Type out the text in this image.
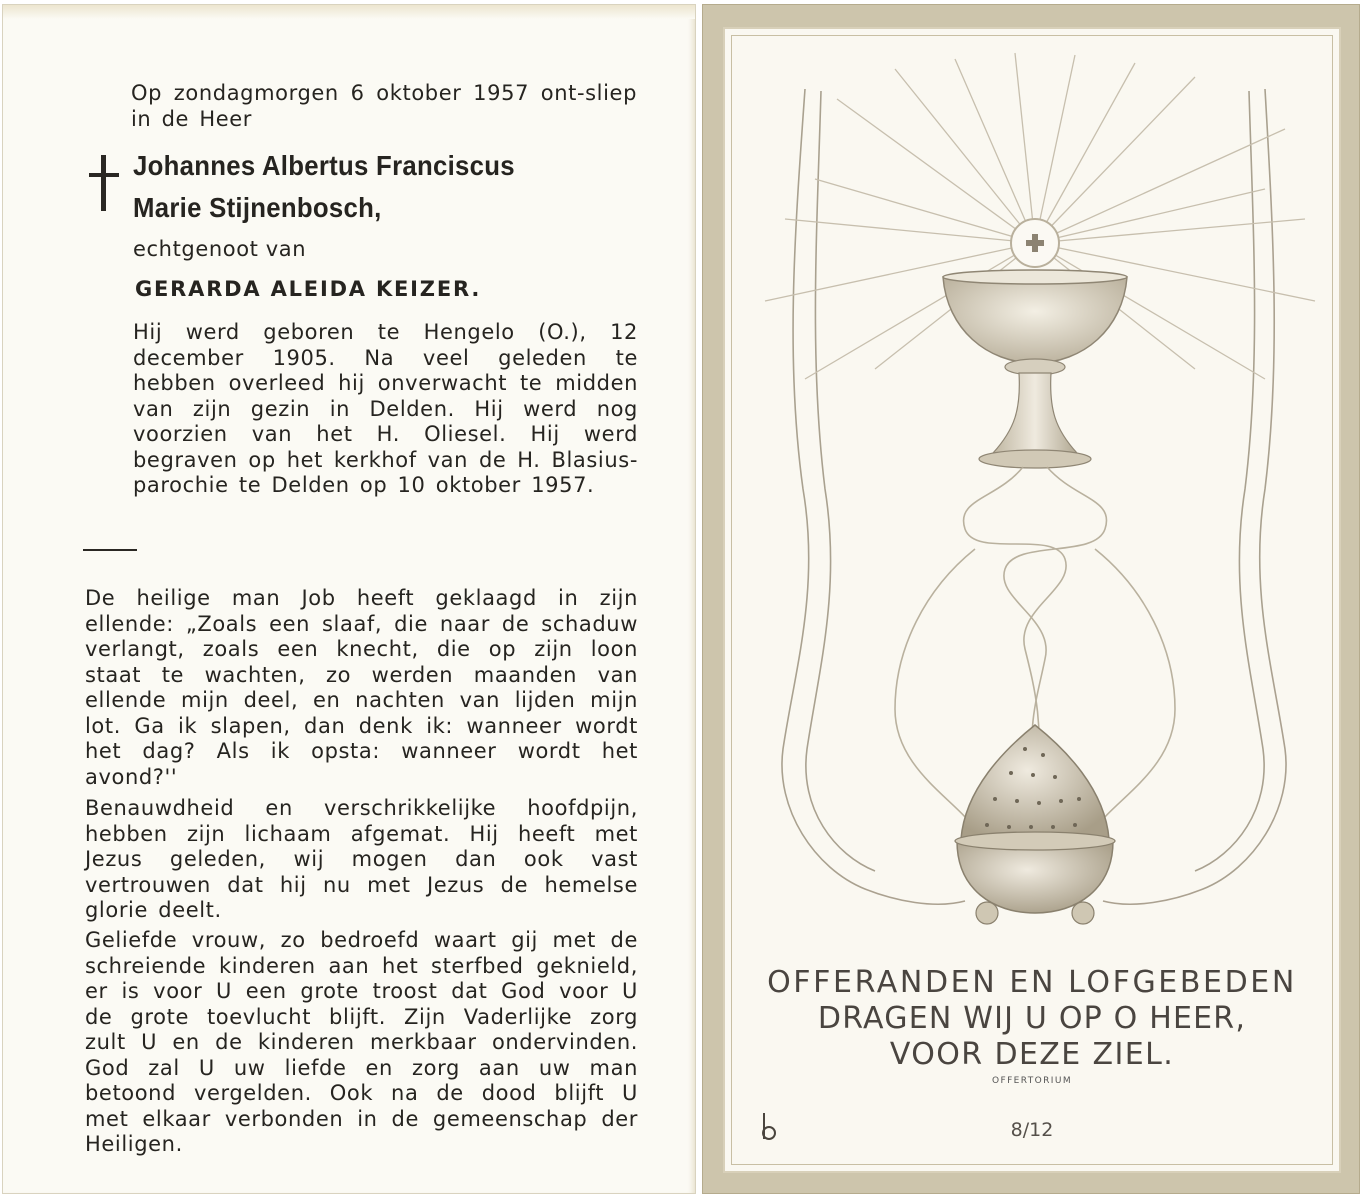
Op zondagmorgen 6 oktober 1957 ont-sliep in de Heer
Johannes Albertus Franciscus
Marie Stijnenbosch,
echtgenoot van
GERARDA ALEIDA KEIZER.
Hij werd geboren te Hengelo (O.), 12 december 1905. Na veel geleden te hebben overleed hij onverwacht te midden van zijn gezin in Delden. Hij werd nog voorzien van het H. Oliesel. Hij werd begraven op het kerkhof van de H. Blasius-parochie te Delden op 10 oktober 1957.
De heilige man Job heeft geklaagd in zijn ellende: „Zoals een slaaf, die naar de schaduw verlangt, zoals een knecht, die op zijn loon staat te wachten, zo werden maanden van ellende mijn deel, en nachten van lijden mijn lot. Ga ik slapen, dan denk ik: wanneer wordt het dag? Als ik opsta: wanneer wordt het avond?''
Benauwdheid en verschrikkelijke hoofdpijn, hebben zijn lichaam afgemat. Hij heeft met Jezus geleden, wij mogen dan ook vast vertrouwen dat hij nu met Jezus de hemelse glorie deelt.
Geliefde vrouw, zo bedroefd waart gij met de schreiende kinderen aan het sterfbed geknield, er is voor U een grote troost dat God voor U de grote toevlucht blijft. Zijn Vaderlijke zorg zult U en de kinderen merkbaar ondervinden. God zal U uw liefde en zorg aan uw man betoond vergelden. Ook na de dood blijft U met elkaar verbonden in de gemeenschap der Heiligen.
OFFERANDEN EN LOFGEBEDEN
DRAGEN WIJ U OP O HEER,
VOOR DEZE ZIEL.
OFFERTORIUM
8/12
